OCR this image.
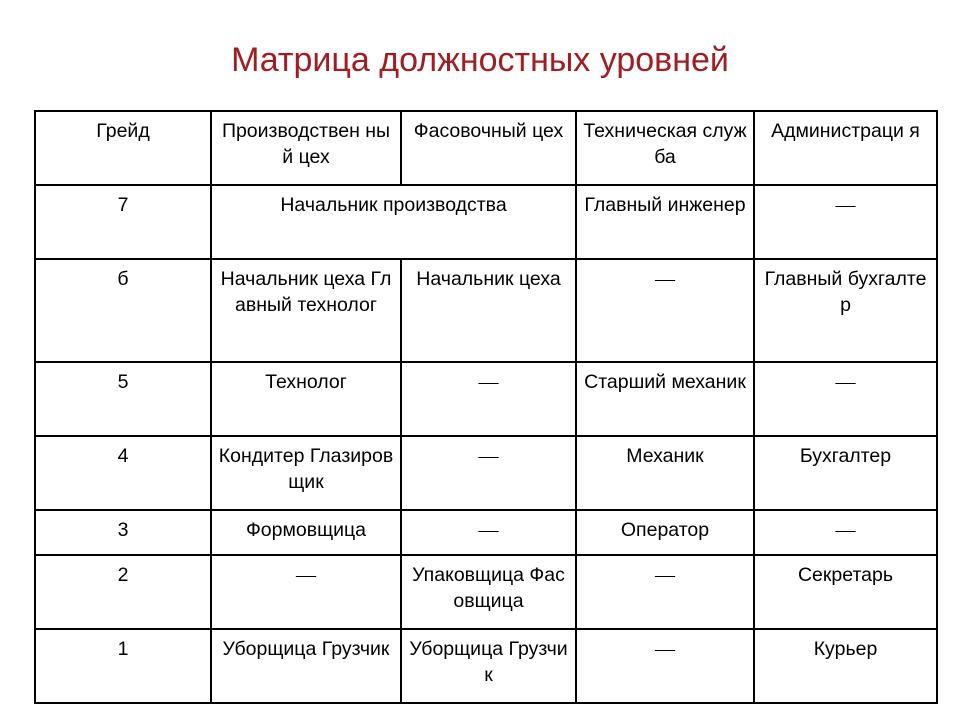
Матрица должностных уровней
Грейд	Производствен ный цех	Фасовочный цех	Техническая служба	Администраци я
7	Начальник производства		Главный инженер	—
б	Начальник цеха Главный технолог	Начальник цеха	—	Главный бухгалтер
5	Технолог	—	Старший механик	—
4	Кондитер Глазировщик	—	Механик	Бухгалтер
3	Формовщица	—	Оператор	—
2	—	Упаковщица Фасовщица	—	Секретарь
1	Уборщица Грузчик	Уборщица Грузчик	—	Курьер
